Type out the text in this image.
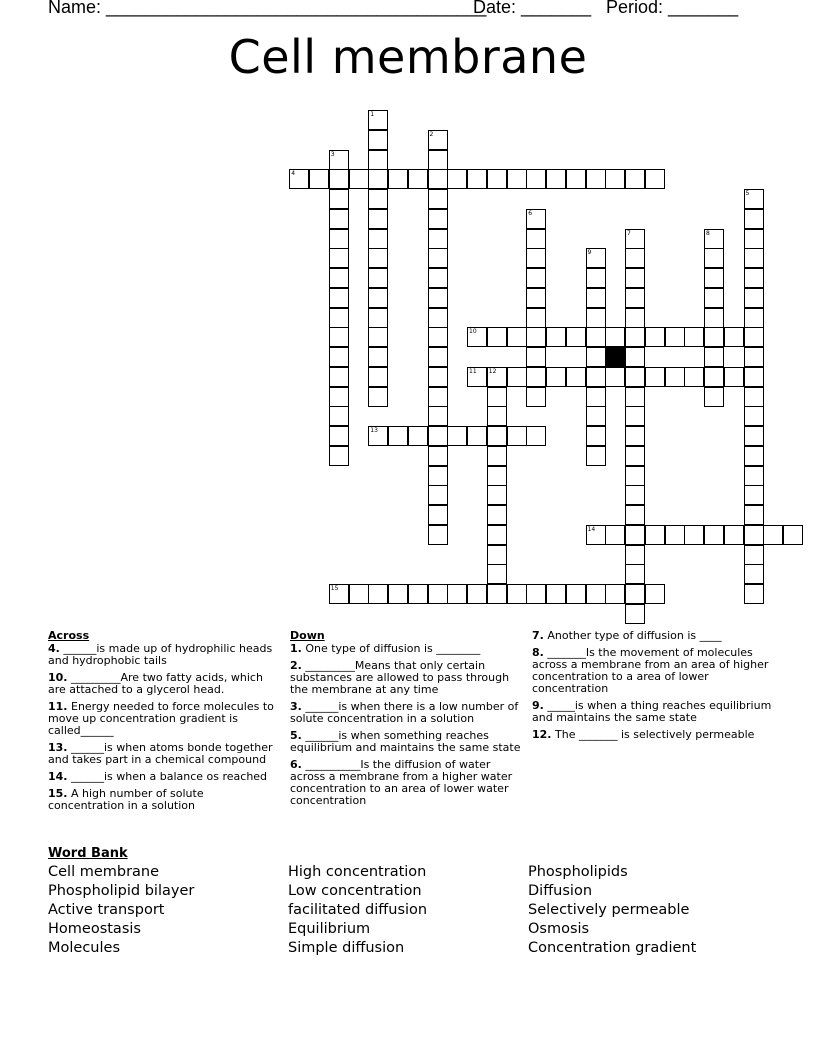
Name: ______________________________________
Date: _______ Period: _______
Cell membrane
1
2
3
4
5
6
7	8
9
10
11 12
13
14
15
Across
4. ______is made up of hydrophilic heads and hydrophobic tails
10. _________Are two fatty acids, which are attached to a glycerol head.
11. Energy needed to force molecules to move up concentration gradient is called______
13. ______is when atoms bonde together and takes part in a chemical compound
14. ______is when a balance os reached
15. A high number of solute concentration in a solution
Down
1. One type of diffusion is ________
2. _________Means that only certain substances are allowed to pass through the membrane at any time
3. ______is when there is a low number of solute concentration in a solution
5. ______is when something reaches equilibrium and maintains the same state
6. __________Is the diffusion of water across a membrane from a higher water concentration to an area of lower water concentration
7. Another type of diffusion is ____
8. _______Is the movement of molecules across a membrane from an area of higher concentration to a area of lower concentration
9. _____is when a thing reaches equilibrium and maintains the same state
12. The _______ is selectively permeable
Word Bank
Cell membrane
Phospholipid bilayer
Active transport
Homeostasis
Molecules
High concentration
Low concentration
facilitated diffusion
Equilibrium
Simple diffusion
Phospholipids
Diffusion
Selectively permeable
Osmosis
Concentration gradient
